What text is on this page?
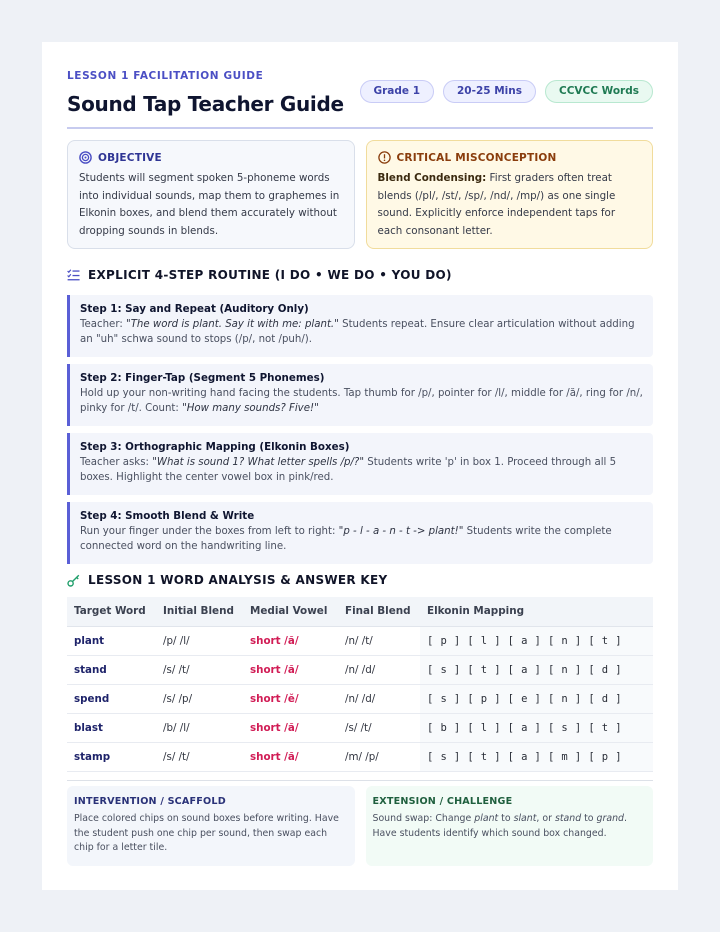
LESSON 1 FACILITATION GUIDE
Sound Tap Teacher Guide
Grade 1	20-25 Mins	CCVCC Words
OBJECTIVE
Students will segment spoken 5-phoneme words into individual sounds, map them to graphemes in Elkonin boxes, and blend them accurately without dropping sounds in blends.
CRITICAL MISCONCEPTION
Blend Condensing: First graders often treat blends (/pl/, /st/, /sp/, /nd/, /mp/) as one single sound. Explicitly enforce independent taps for each consonant letter.
EXPLICIT 4-STEP ROUTINE (I DO • WE DO • YOU DO)
Step 1: Say and Repeat (Auditory Only)
Teacher: "The word is plant. Say it with me: plant." Students repeat. Ensure clear articulation without adding an "uh" schwa sound to stops (/p/, not /puh/).
Step 2: Finger-Tap (Segment 5 Phonemes)
Hold up your non-writing hand facing the students. Tap thumb for /p/, pointer for /l/, middle for /ă/, ring for /n/, pinky for /t/. Count: "How many sounds? Five!"
Step 3: Orthographic Mapping (Elkonin Boxes)
Teacher asks: "What is sound 1? What letter spells /p/?" Students write 'p' in box 1. Proceed through all 5 boxes. Highlight the center vowel box in pink/red.
Step 4: Smooth Blend & Write
Run your finger under the boxes from left to right: "p - l - a - n - t -> plant!" Students write the complete connected word on the handwriting line.
LESSON 1 WORD ANALYSIS & ANSWER KEY
Target Word	Initial Blend	Medial Vowel	Final Blend	Elkonin Mapping
plant	/p/ /l/	short /ă/	/n/ /t/	[ p ] [ l ] [ a ] [ n ] [ t ]
stand	/s/ /t/	short /ă/	/n/ /d/	[ s ] [ t ] [ a ] [ n ] [ d ]
spend	/s/ /p/	short /ĕ/	/n/ /d/	[ s ] [ p ] [ e ] [ n ] [ d ]
blast	/b/ /l/	short /ă/	/s/ /t/	[ b ] [ l ] [ a ] [ s ] [ t ]
stamp	/s/ /t/	short /ă/	/m/ /p/	[ s ] [ t ] [ a ] [ m ] [ p ]
INTERVENTION / SCAFFOLD
Place colored chips on sound boxes before writing. Have the student push one chip per sound, then swap each chip for a letter tile.
EXTENSION / CHALLENGE
Sound swap: Change plant to slant, or stand to grand. Have students identify which sound box changed.
